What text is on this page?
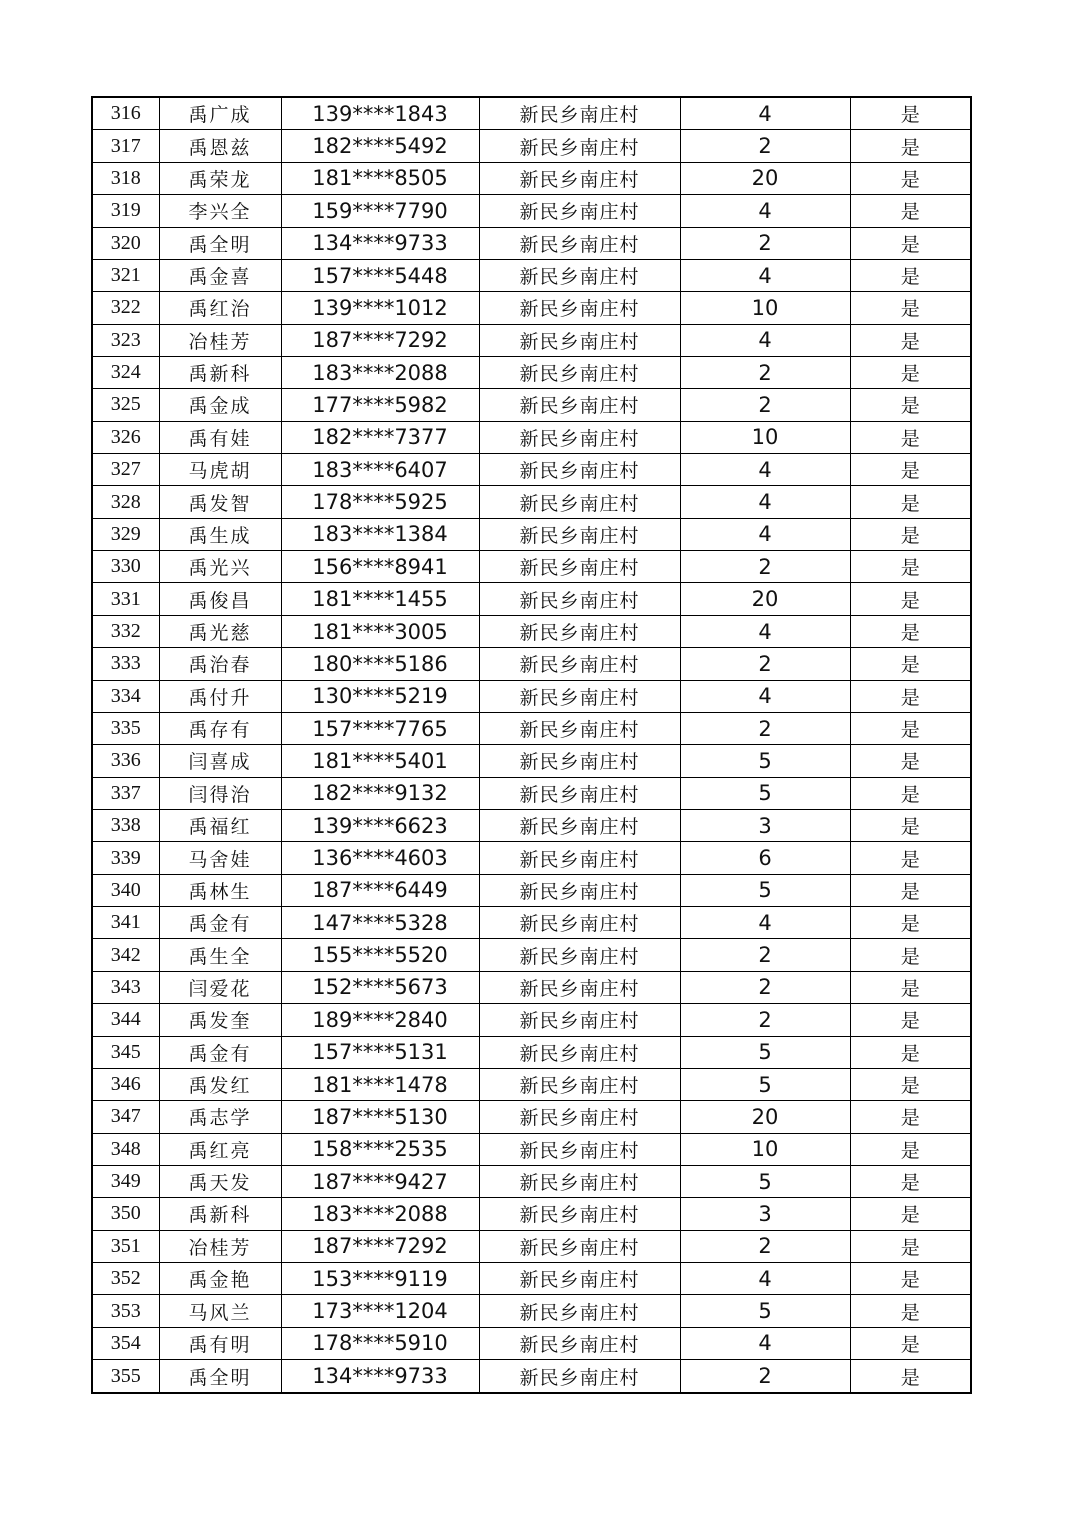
316	禹广成	139****1843	新民乡南庄村	4	是
317	禹恩兹	182****5492	新民乡南庄村	2	是
318	禹荣龙	181****8505	新民乡南庄村	20	是
319	李兴全	159****7790	新民乡南庄村	4	是
320	禹全明	134****9733	新民乡南庄村	2	是
321	禹金喜	157****5448	新民乡南庄村	4	是
322	禹红治	139****1012	新民乡南庄村	10	是
323	冶桂芳	187****7292	新民乡南庄村	4	是
324	禹新科	183****2088	新民乡南庄村	2	是
325	禹金成	177****5982	新民乡南庄村	2	是
326	禹有娃	182****7377	新民乡南庄村	10	是
327	马虎胡	183****6407	新民乡南庄村	4	是
328	禹发智	178****5925	新民乡南庄村	4	是
329	禹生成	183****1384	新民乡南庄村	4	是
330	禹光兴	156****8941	新民乡南庄村	2	是
331	禹俊昌	181****1455	新民乡南庄村	20	是
332	禹光慈	181****3005	新民乡南庄村	4	是
333	禹治春	180****5186	新民乡南庄村	2	是
334	禹付升	130****5219	新民乡南庄村	4	是
335	禹存有	157****7765	新民乡南庄村	2	是
336	闫喜成	181****5401	新民乡南庄村	5	是
337	闫得治	182****9132	新民乡南庄村	5	是
338	禹福红	139****6623	新民乡南庄村	3	是
339	马舍娃	136****4603	新民乡南庄村	6	是
340	禹林生	187****6449	新民乡南庄村	5	是
341	禹金有	147****5328	新民乡南庄村	4	是
342	禹生全	155****5520	新民乡南庄村	2	是
343	闫爱花	152****5673	新民乡南庄村	2	是
344	禹发奎	189****2840	新民乡南庄村	2	是
345	禹金有	157****5131	新民乡南庄村	5	是
346	禹发红	181****1478	新民乡南庄村	5	是
347	禹志学	187****5130	新民乡南庄村	20	是
348	禹红亮	158****2535	新民乡南庄村	10	是
349	禹天发	187****9427	新民乡南庄村	5	是
350	禹新科	183****2088	新民乡南庄村	3	是
351	冶桂芳	187****7292	新民乡南庄村	2	是
352	禹金艳	153****9119	新民乡南庄村	4	是
353	马风兰	173****1204	新民乡南庄村	5	是
354	禹有明	178****5910	新民乡南庄村	4	是
355	禹全明	134****9733	新民乡南庄村	2	是
